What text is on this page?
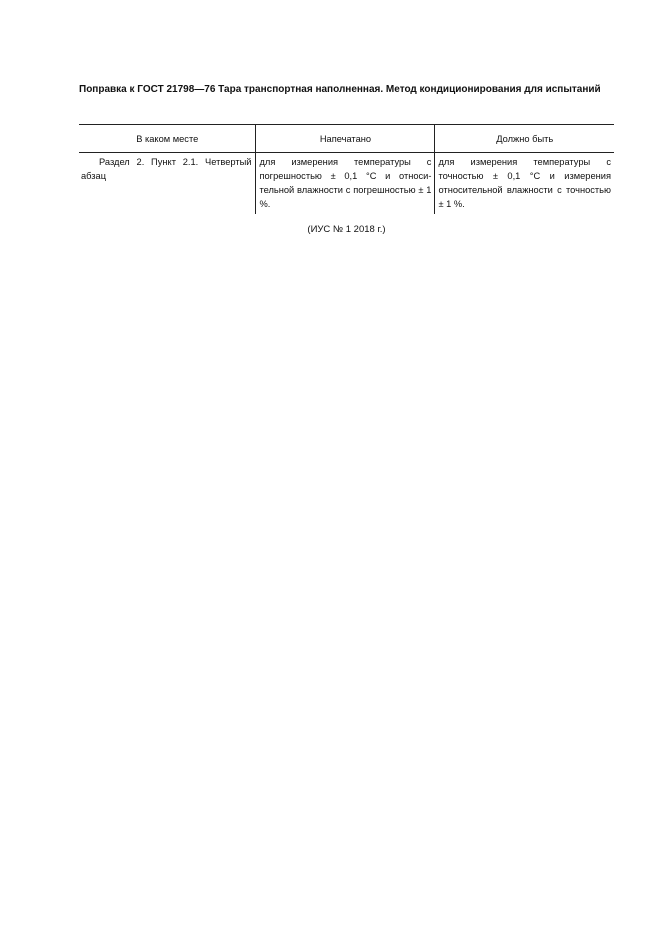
Поправка к ГОСТ 21798—76 Тара транспортная наполненная. Метод кондиционирования для испытаний
В каком месте	Напечатано	Должно быть
Раздел 2. Пункт 2.1. Четвертый абзац	для измерения температуры с погрешностью ± 0,1 °С и относительной влажности с погрешностью ± 1 %.	для измерения температуры с точностью ± 0,1 °С и измерения относительной влажности с точностью ± 1 %.
(ИУС № 1 2018 г.)
